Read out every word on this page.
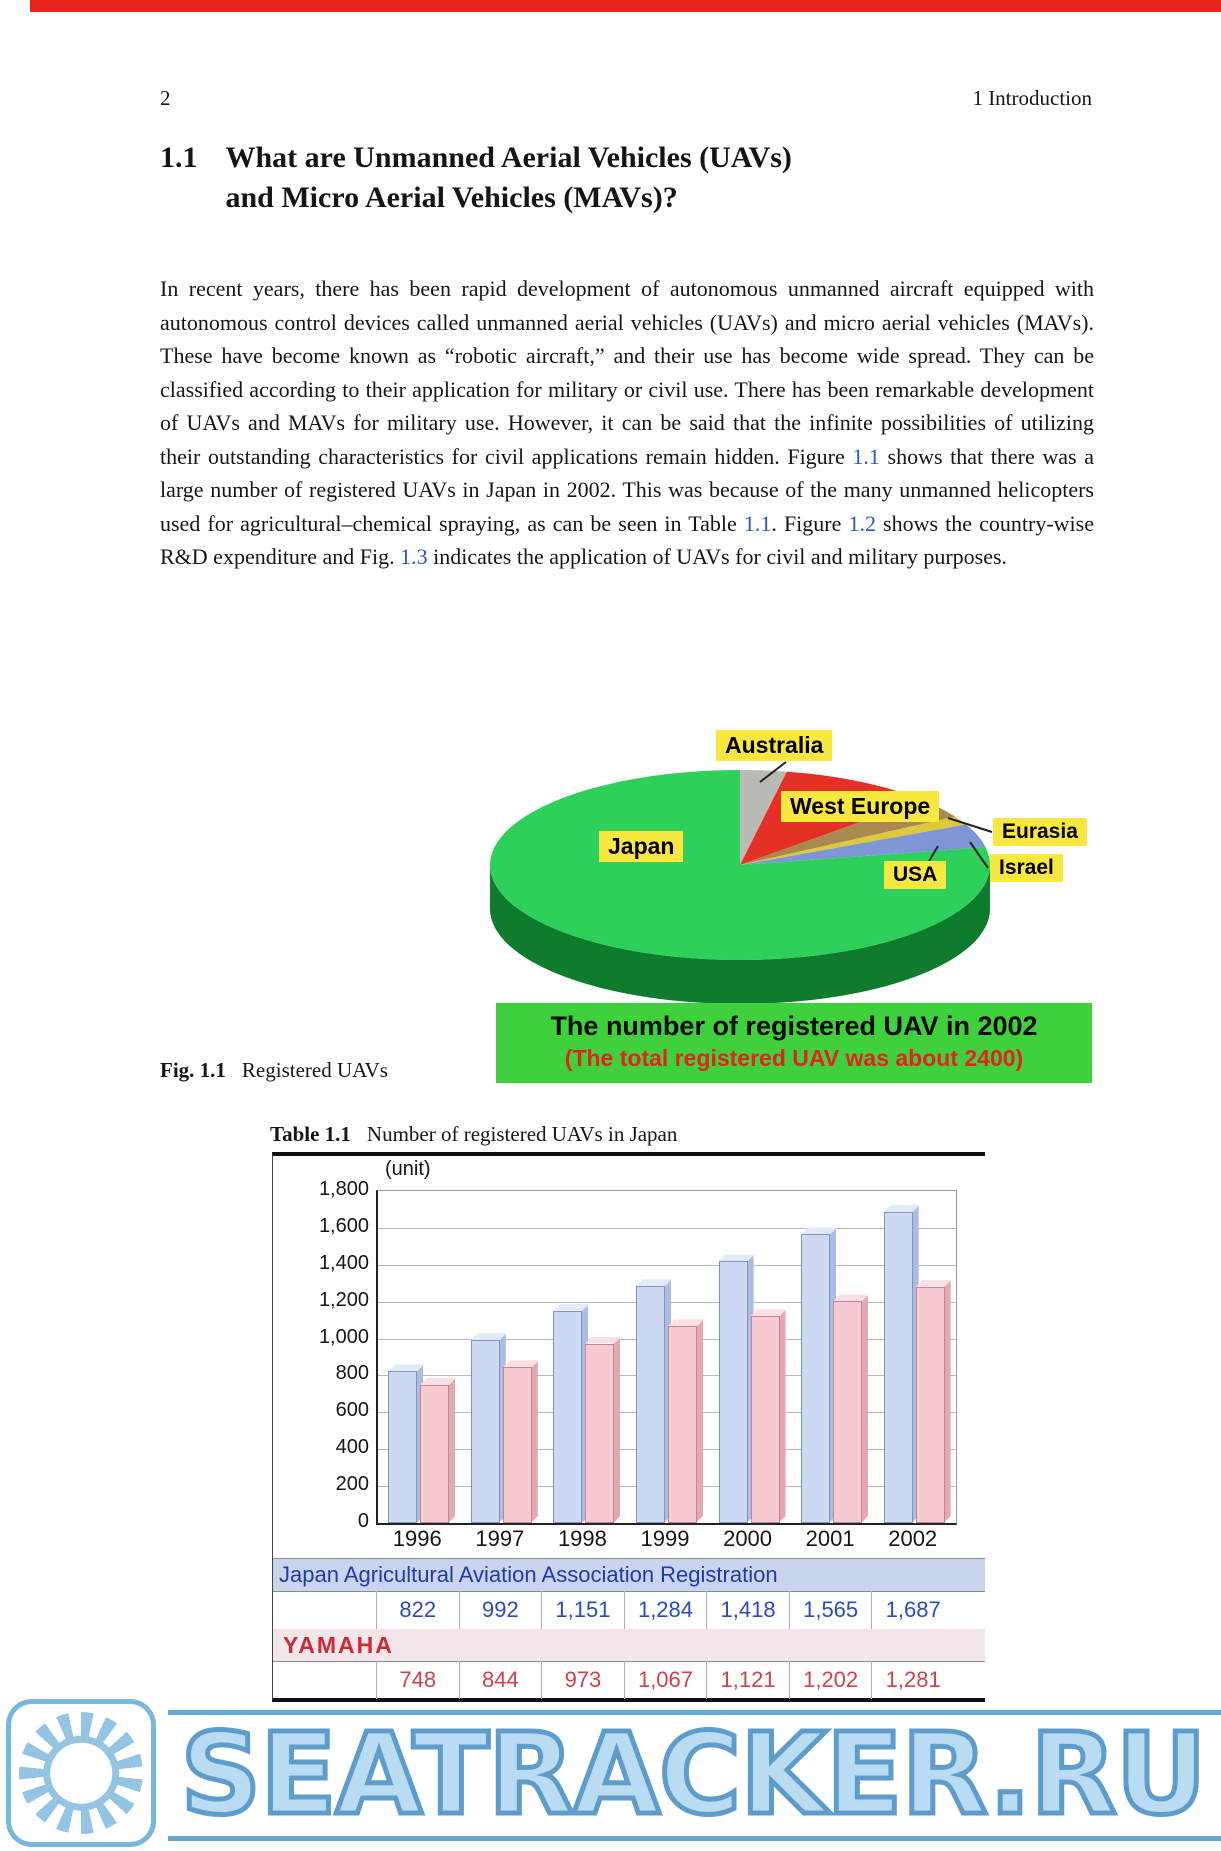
2	1 Introduction
1.1 What are Unmanned Aerial Vehicles (UAVs)
and Micro Aerial Vehicles (MAVs)?
In recent years, there has been rapid development of autonomous unmanned aircraft equipped with autonomous control devices called unmanned aerial vehicles (UAVs) and micro aerial vehicles (MAVs). These have become known as “robotic aircraft,” and their use has become wide spread. They can be classified according to their application for military or civil use. There has been remarkable development of UAVs and MAVs for military use. However, it can be said that the infinite possibilities of utilizing their outstanding characteristics for civil applications remain hidden. Figure 1.1 shows that there was a large number of registered UAVs in Japan in 2002. This was because of the many unmanned helicopters used for agricultural–chemical spraying, as can be seen in Table 1.1. Figure 1.2 shows the country-wise R&D expenditure and Fig. 1.3 indicates the application of UAVs for civil and military purposes.
Australia
West Europe
Eurasia
Israel
USA
Japan
The number of registered UAV in 2002
(The total registered UAV was about 2400)
Fig. 1.1 Registered UAVs
Table 1.1 Number of registered UAVs in Japan
(unit)
0
200
400
600
800
1,000
1,200
1,400
1,600
1,800
1996	1997	1998	1999	2000	2001	2002
Japan Agricultural Aviation Association Registration
822	992	1,151	1,284	1,418	1,565	1,687
YAMAHA
748	844	973	1,067	1,121	1,202	1,281
SEATRACKER.RU
